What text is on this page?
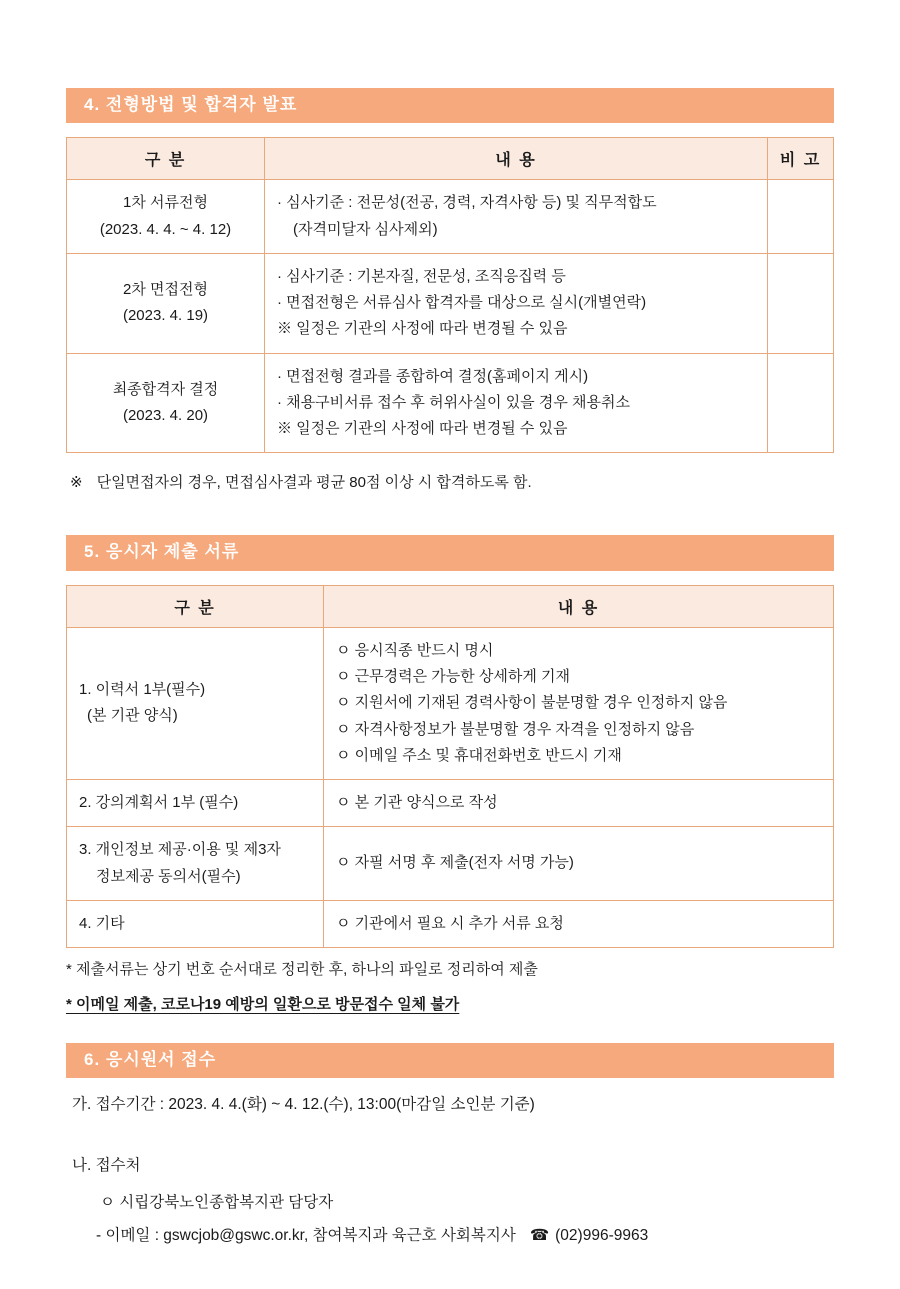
4. 전형방법 및 합격자 발표
구 분	내 용	비 고
1차 서류전형
(2023. 4. 4. ~ 4. 12)	· 심사기준 : 전문성(전공, 경력, 자격사항 등) 및 직무적합도
(자격미달자 심사제외)	

2차 면접전형
(2023. 4. 19)	· 심사기준 : 기본자질, 전문성, 조직응집력 등
· 면접전형은 서류심사 합격자를 대상으로 실시(개별연락)
※ 일정은 기관의 사정에 따라 변경될 수 있음	

최종합격자 결정
(2023. 4. 20)	· 면접전형 결과를 종합하여 결정(홈페이지 게시)
· 채용구비서류 접수 후 허위사실이 있을 경우 채용취소
※ 일정은 기관의 사정에 따라 변경될 수 있음	

※ 단일면접자의 경우, 면접심사결과 평균 80점 이상 시 합격하도록 함.

5. 응시자 제출 서류
구 분	내 용
1. 이력서 1부(필수)
(본 기관 양식)	ㅇ 응시직종 반드시 명시
ㅇ 근무경력은 가능한 상세하게 기재
ㅇ 지원서에 기재된 경력사항이 불분명할 경우 인정하지 않음
ㅇ 자격사항정보가 불분명할 경우 자격을 인정하지 않음
ㅇ 이메일 주소 및 휴대전화번호 반드시 기재

2. 강의계획서 1부 (필수)	ㅇ 본 기관 양식으로 작성

3. 개인정보 제공·이용 및 제3자
정보제공 동의서(필수)	ㅇ 자필 서명 후 제출(전자 서명 가능)

4. 기타	ㅇ 기관에서 필요 시 추가 서류 요청

* 제출서류는 상기 번호 순서대로 정리한 후, 하나의 파일로 정리하여 제출

* 이메일 제출, 코로나19 예방의 일환으로 방문접수 일체 불가

6. 응시원서 접수

가. 접수기간 : 2023. 4. 4.(화) ~ 4. 12.(수), 13:00(마감일 소인분 기준)

나. 접수처

ㅇ 시립강북노인종합복지관 담당자

- 이메일 : gswcjob@gswc.or.kr, 참여복지과 육근호 사회복지사 ☎ (02)996-9963
